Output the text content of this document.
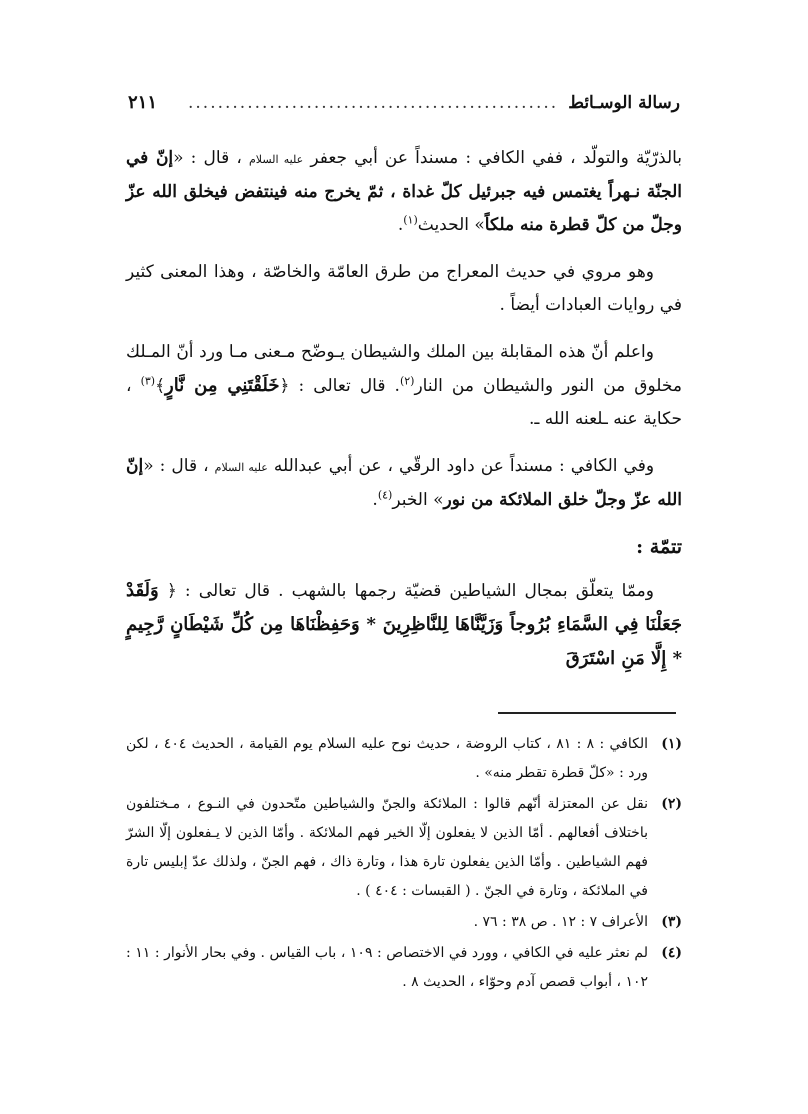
رسالة الوسـائط
..................................................
٢١١

بالذرّيّة والتولّد ، ففي الكافي : مسنداً عن أبي جعفر عليه السلام ، قال : «إنّ في الجنّة نـهراً يغتمس فيه جبرئيل كلّ غداة ، ثمّ يخرج منه فينتفض فيخلق الله عزّ وجلّ من كلّ قطرة منه ملكاً» الحديث$^{(١)}$.

وهو مروي في حديث المعراج من طرق العامّة والخاصّة ، وهذا المعنى كثير في روايات العبادات أيضاً .

واعلم أنّ هذه المقابلة بين الملك والشيطان يـوضّح مـعنى مـا ورد أنّ المـلك مخلوق من النور والشيطان من النار$^{(٢)}$. قال تعالى : ﴿خَلَقْتَنِي مِن نَّارٍ﴾$^{(٣)}$ ، حكاية عنه ـلعنه الله ـ.

وفي الكافي : مسنداً عن داود الرقّي ، عن أبي عبدالله عليه السلام ، قال : «إنّ الله عزّ وجلّ خلق الملائكة من نور» الخبر$^{(٤)}$.

تتمّة :

وممّا يتعلّق بمجال الشياطين قضيّة رجمها بالشهب . قال تعالى : ﴿ وَلَقَدْ جَعَلْنَا فِي السَّمَاءِ بُرُوجاً وَزَيَّنَّاهَا لِلنَّاظِرِينَ * وَحَفِظْنَاهَا مِن كُلِّ شَيْطَانٍ رَّجِيمٍ * إِلَّا مَنِ اسْتَرَقَ

(١)
الكافي : ٨ : ٨١ ، كتاب الروضة ، حديث نوح عليه السلام يوم القيامة ، الحديث ٤٠٤ ، لكن ورد : «كلّ قطرة تقطر منه» .
(٢)
نقل عن المعتزلة أنّهم قالوا : الملائكة والجنّ والشياطين متّحدون في النـوع ، مـختلفون باختلاف أفعالهم . أمّا الذين لا يفعلون إلّا الخير فهم الملائكة . وأمّا الذين لا يـفعلون إلّا الشرّ فهم الشياطين . وأمّا الذين يفعلون تارة هذا ، وتارة ذاك ، فهم الجنّ ، ولذلك عدّ إبليس تارة في الملائكة ، وتارة في الجنّ . ( القبسات : ٤٠٤ ) .
(٣)
الأعراف ٧ : ١٢ . ص ٣٨ : ٧٦ .
(٤)
لم نعثر عليه في الكافي ، وورد في الاختصاص : ١٠٩ ، باب القياس . وفي بحار الأنوار : ١١ : ١٠٢ ، أبواب قصص آدم وحوّاء ، الحديث ٨ .
